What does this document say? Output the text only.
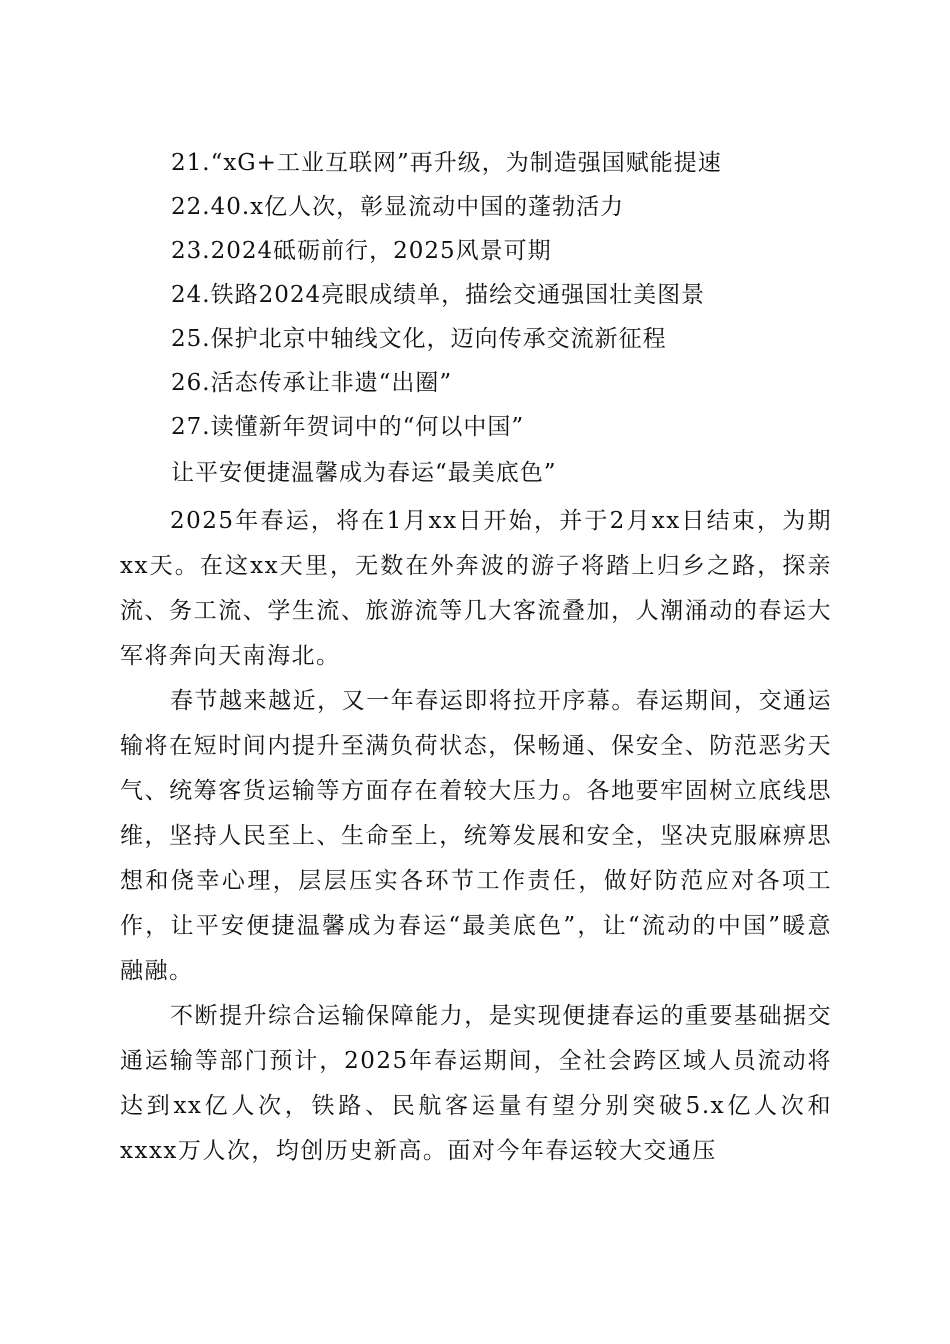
21.“xG+工业互联网”再升级，为制造强国赋能提速
22.40.x亿人次，彰显流动中国的蓬勃活力
23.2024砥砺前行，2025风景可期
24.铁路2024亮眼成绩单，描绘交通强国壮美图景
25.保护北京中轴线文化，迈向传承交流新征程
26.活态传承让非遗“出圈”
27.读懂新年贺词中的“何以中国”
让平安便捷温馨成为春运“最美底色”

2025年春运，将在1月xx日开始，并于2月xx日结束，为期xx天。在这xx天里，无数在外奔波的游子将踏上归乡之路，探亲流、务工流、学生流、旅游流等几大客流叠加，人潮涌动的春运大军将奔向天南海北。

春节越来越近，又一年春运即将拉开序幕。春运期间，交通运输将在短时间内提升至满负荷状态，保畅通、保安全、防范恶劣天气、统筹客货运输等方面存在着较大压力。各地要牢固树立底线思维，坚持人民至上、生命至上，统筹发展和安全，坚决克服麻痹思想和侥幸心理，层层压实各环节工作责任，做好防范应对各项工作，让平安便捷温馨成为春运“最美底色”，让“流动的中国”暖意融融。

不断提升综合运输保障能力，是实现便捷春运的重要基础据交通运输等部门预计，2025年春运期间，全社会跨区域人员流动将达到xx亿人次，铁路、民航客运量有望分别突破5.x亿人次和xxxx万人次，均创历史新高。面对今年春运较大交通压
